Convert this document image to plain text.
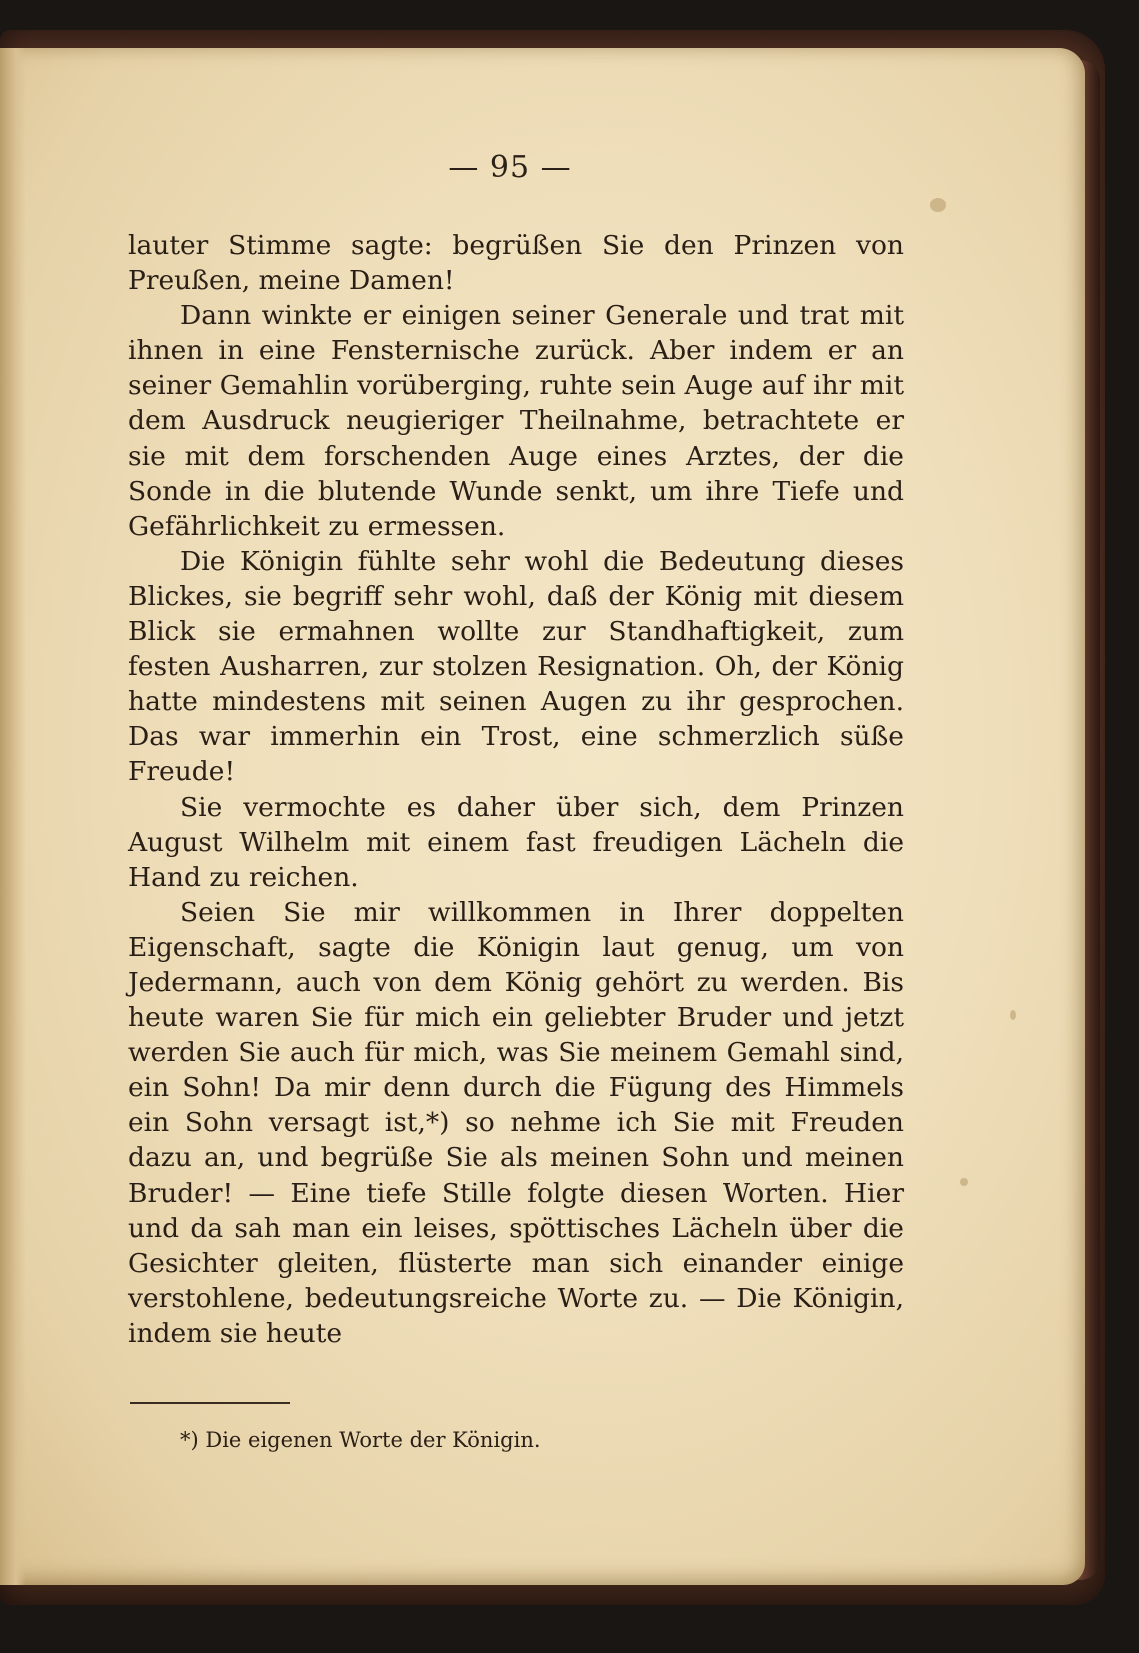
— 95 —

lauter Stimme sagte: begrüßen Sie den Prinzen von Preußen, meine Damen!

Dann winkte er einigen seiner Generale und trat mit ihnen in eine Fensternische zurück. Aber indem er an seiner Gemahlin vorüberging, ruhte sein Auge auf ihr mit dem Ausdruck neugieriger Theilnahme, betrachtete er sie mit dem forschenden Auge eines Arztes, der die Sonde in die blutende Wunde senkt, um ihre Tiefe und Gefährlichkeit zu ermessen.

Die Königin fühlte sehr wohl die Bedeutung dieses Blickes, sie begriff sehr wohl, daß der König mit diesem Blick sie ermahnen wollte zur Standhaftigkeit, zum festen Ausharren, zur stolzen Resignation. Oh, der König hatte mindestens mit seinen Augen zu ihr gesprochen. Das war immerhin ein Trost, eine schmerzlich süße Freude!

Sie vermochte es daher über sich, dem Prinzen August Wilhelm mit einem fast freudigen Lächeln die Hand zu reichen.

Seien Sie mir willkommen in Ihrer doppelten Eigenschaft, sagte die Königin laut genug, um von Jedermann, auch von dem König gehört zu werden. Bis heute waren Sie für mich ein geliebter Bruder und jetzt werden Sie auch für mich, was Sie meinem Gemahl sind, ein Sohn! Da mir denn durch die Fügung des Himmels ein Sohn versagt ist,*) so nehme ich Sie mit Freuden dazu an, und begrüße Sie als meinen Sohn und meinen Bruder! — Eine tiefe Stille folgte diesen Worten. Hier und da sah man ein leises, spöttisches Lächeln über die Gesichter gleiten, flüsterte man sich einander einige verstohlene, bedeutungsreiche Worte zu. — Die Königin, indem sie heute

*) Die eigenen Worte der Königin.
